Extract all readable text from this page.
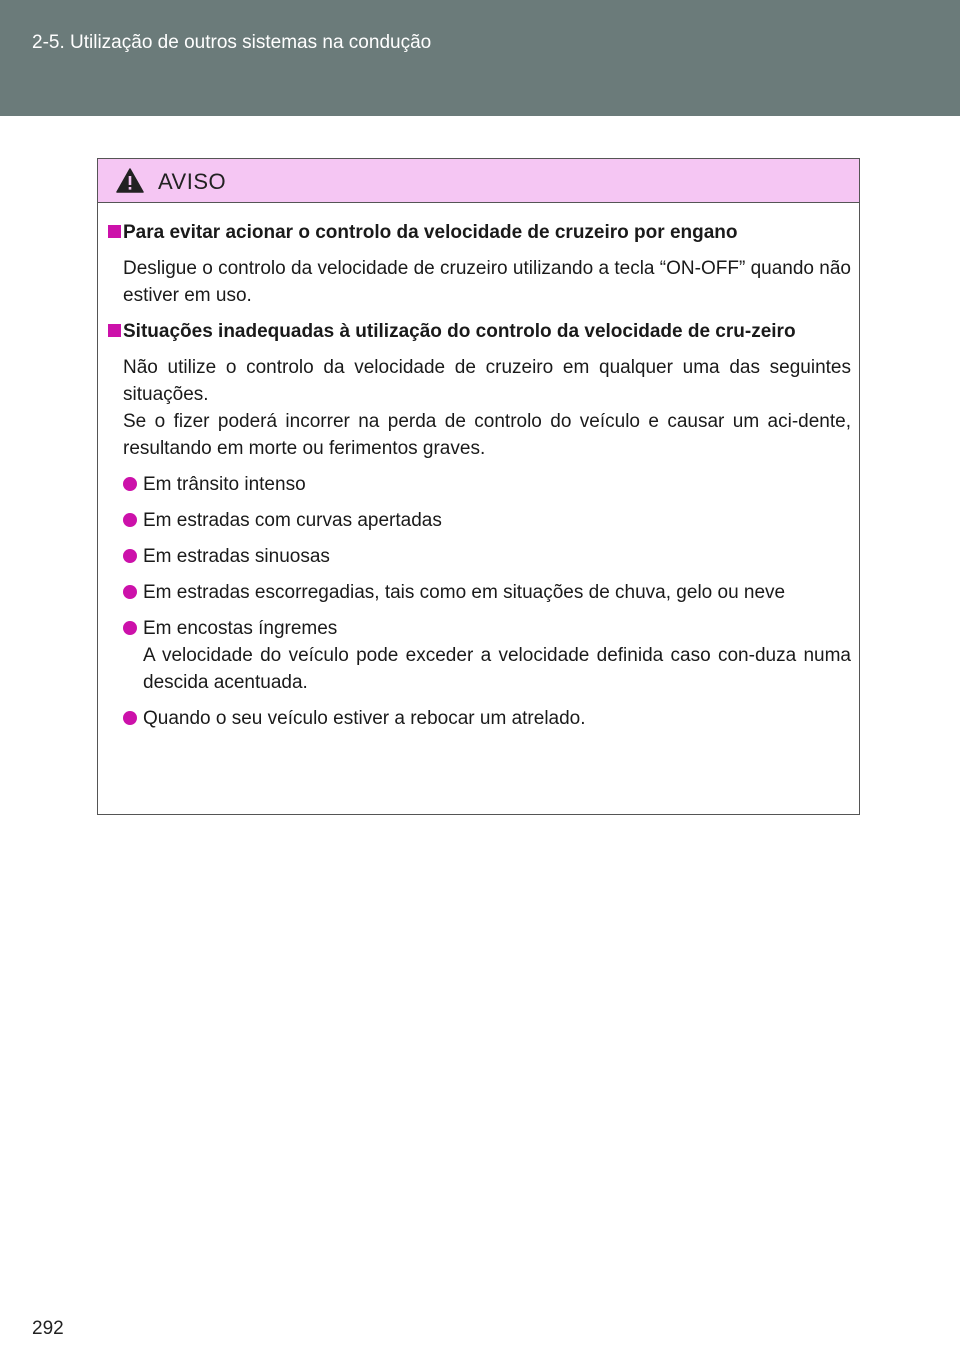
2-5. Utilização de outros sistemas na condução
AVISO
Para evitar acionar o controlo da velocidade de cruzeiro por engano
Desligue o controlo da velocidade de cruzeiro utilizando a tecla “ON-OFF” quando não estiver em uso.
Situações inadequadas à utilização do controlo da velocidade de cru-zeiro
Não utilize o controlo da velocidade de cruzeiro em qualquer uma das seguintes situações.
Se o fizer poderá incorrer na perda de controlo do veículo e causar um aci-dente, resultando em morte ou ferimentos graves.
Em trânsito intenso
Em estradas com curvas apertadas
Em estradas sinuosas
Em estradas escorregadias, tais como em situações de chuva, gelo ou neve
Em encostas íngremes
A velocidade do veículo pode exceder a velocidade definida caso con-duza numa descida acentuada.
Quando o seu veículo estiver a rebocar um atrelado.
292
